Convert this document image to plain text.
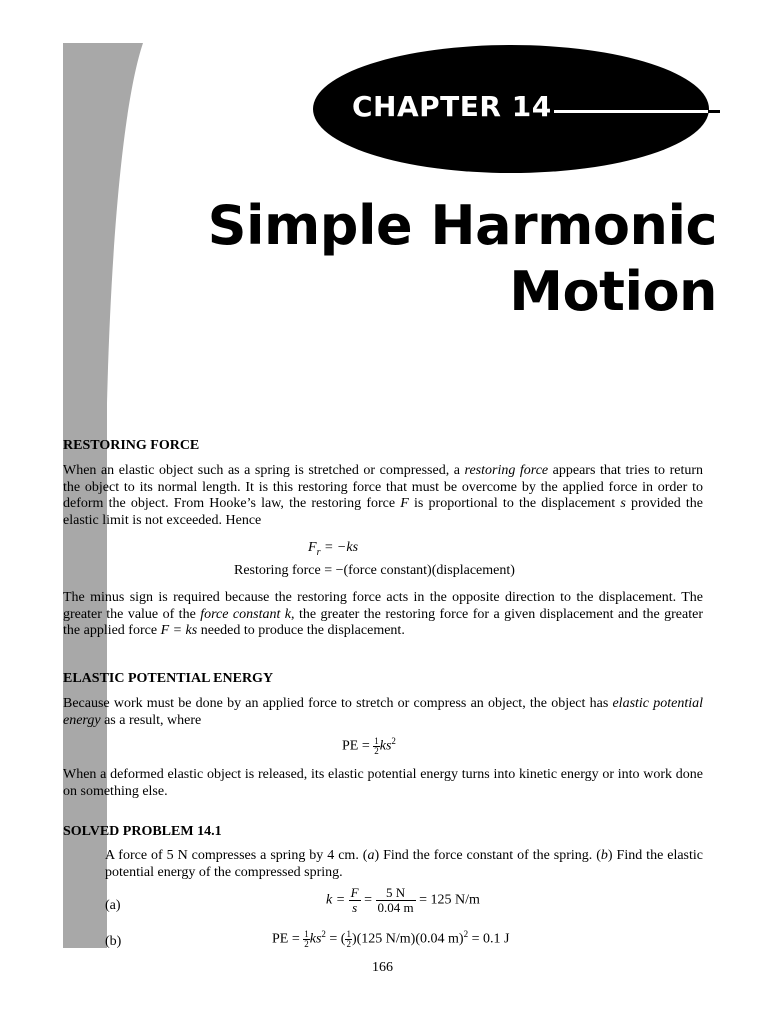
CHAPTER 14
Simple Harmonic
Motion
RESTORING FORCE
When an elastic object such as a spring is stretched or compressed, a restoring force appears that tries to return the object to its normal length. It is this restoring force that must be overcome by the applied force in order to deform the object. From Hooke’s law, the restoring force F is proportional to the displacement s provided the elastic limit is not exceeded. Hence
$F_r = -ks$
Restoring force = −(force constant)(displacement)
The minus sign is required because the restoring force acts in the opposite direction to the displacement. The greater the value of the force constant k, the greater the restoring force for a given displacement and the greater the applied force F = ks needed to produce the displacement.
ELASTIC POTENTIAL ENERGY
Because work must be done by an applied force to stretch or compress an object, the object has elastic potential energy as a result, where
PE = $\frac{1}{2} ks^2$
When a deformed elastic object is released, its elastic potential energy turns into kinetic energy or into work done on something else.
SOLVED PROBLEM 14.1
A force of 5 N compresses a spring by 4 cm. (a) Find the force constant of the spring. (b) Find the elastic potential energy of the compressed spring.
(a)	$k = \frac{F}{s} = \frac{5 N}{0.04 m} = 125$ N/m
(b)	PE = $\frac{1}{2} ks^2$ = ( $\frac{1}{2} )(125$ N/m)(0.04 m)$^2$ = 0.1 J
166
